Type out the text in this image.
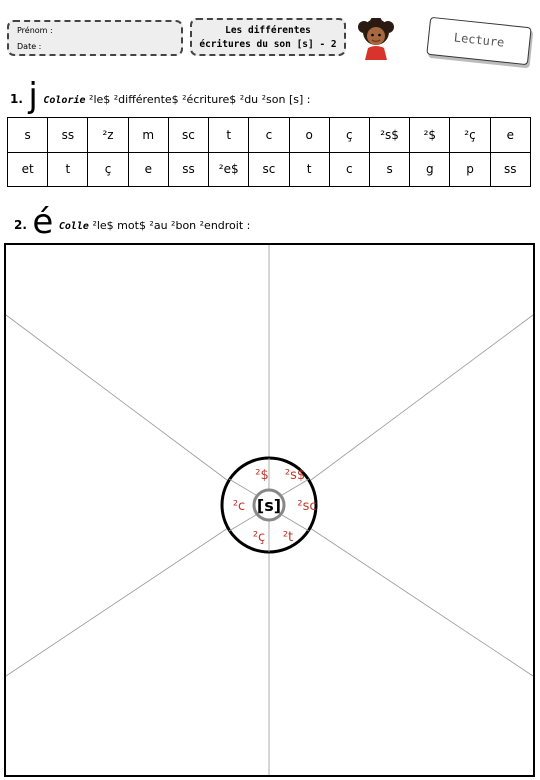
Prénom :
Date :
Les différentes
écritures du son [s] - 2	Lecture
1. j Colorie ²le$ ²différente$ ²écriture$ ²du ²son [s] :
s	ss	²z	m	sc	t	c	o	ç	²s$	²$	²ç	e
et	t	ç	e	ss	²e$	sc	t	c	s	g	p	ss
2. é Colle ²le$ mot$ ²au ²bon ²endroit :
[s]
²$ ²s$
²sc
²t
²ç
²c
